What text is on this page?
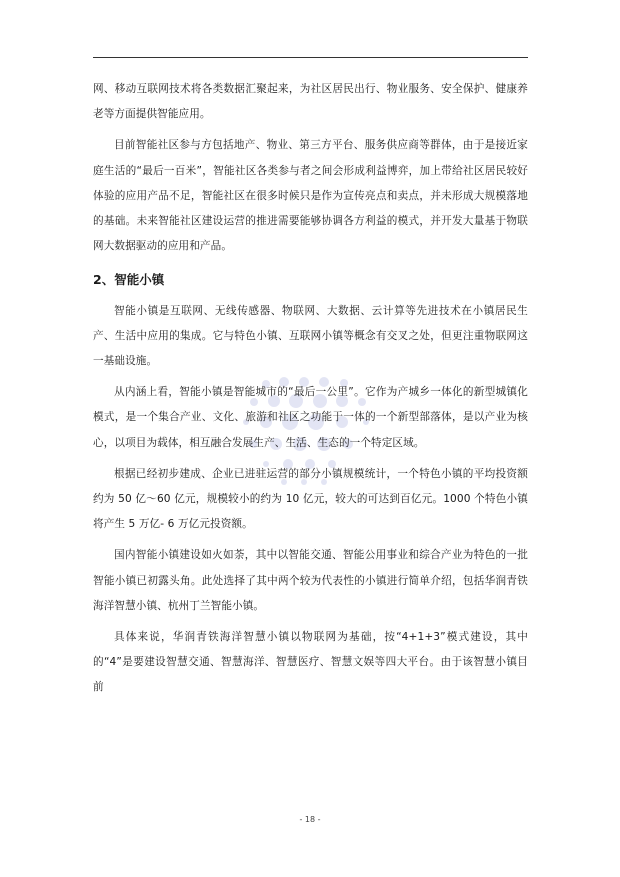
网、移动互联网技术将各类数据汇聚起来，为社区居民出行、物业服务、安全保护、健康养老等方面提供智能应用。

目前智能社区参与方包括地产、物业、第三方平台、服务供应商等群体，由于是接近家庭生活的“最后一百米”，智能社区各类参与者之间会形成利益博弈，加上带给社区居民较好体验的应用产品不足，智能社区在很多时候只是作为宣传亮点和卖点，并未形成大规模落地的基础。未来智能社区建设运营的推进需要能够协调各方利益的模式，并开发大量基于物联网大数据驱动的应用和产品。

2、智能小镇

智能小镇是互联网、无线传感器、物联网、大数据、云计算等先进技术在小镇居民生产、生活中应用的集成。它与特色小镇、互联网小镇等概念有交叉之处，但更注重物联网这一基础设施。

从内涵上看，智能小镇是智能城市的“最后一公里”。它作为产城乡一体化的新型城镇化模式，是一个集合产业、文化、旅游和社区之功能于一体的一个新型部落体，是以产业为核心，以项目为载体，相互融合发展生产、生活、生态的一个特定区域。

根据已经初步建成、企业已进驻运营的部分小镇规模统计，一个特色小镇的平均投资额约为 50 亿～60 亿元，规模较小的约为 10 亿元，较大的可达到百亿元。1000 个特色小镇将产生 5 万亿- 6 万亿元投资额。

国内智能小镇建设如火如荼，其中以智能交通、智能公用事业和综合产业为特色的一批智能小镇已初露头角。此处选择了其中两个较为代表性的小镇进行简单介绍，包括华润青铁海洋智慧小镇、杭州丁兰智能小镇。

具体来说，华润青铁海洋智慧小镇以物联网为基础，按“4+1+3”模式建设，其中的“4”是要建设智慧交通、智慧海洋、智慧医疗、智慧文娱等四大平台。由于该智慧小镇目前

- 18 -
